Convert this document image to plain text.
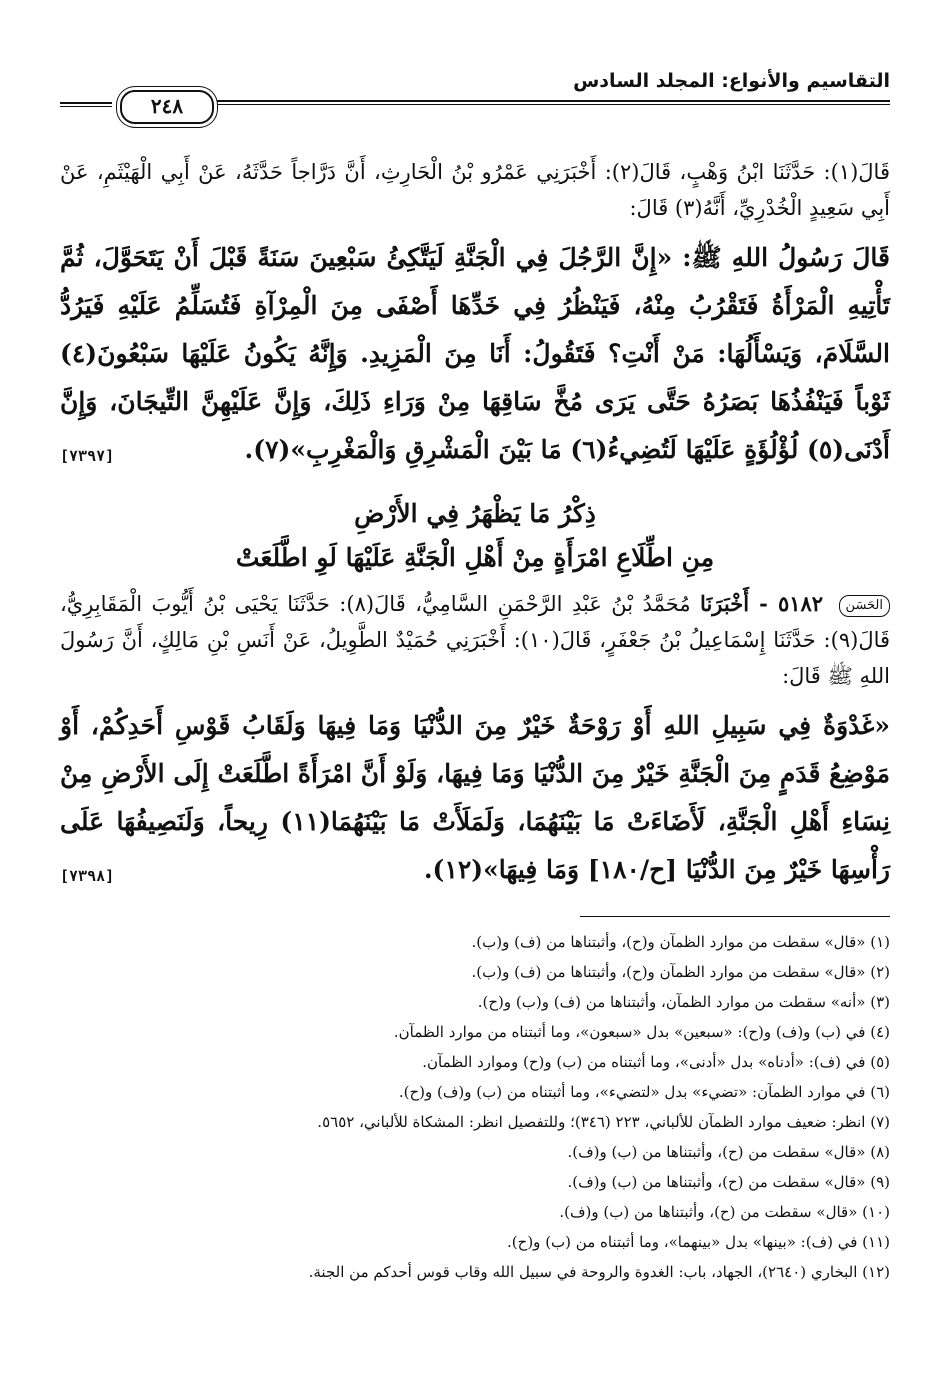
التقاسيم والأنواع: المجلد السادس
٢٤٨

قَالَ(١): حَدَّثَنَا ابْنُ وَهْبٍ، قَالَ(٢): أَخْبَرَنِي عَمْرُو بْنُ الْحَارِثِ، أَنَّ دَرَّاجاً حَدَّثَهُ، عَنْ أَبِي الْهَيْثَمِ، عَنْ أَبِي سَعِيدٍ الْخُدْرِيِّ، أَنَّهُ(٣) قَالَ:

قَالَ رَسُولُ اللهِ ﷺ: «إِنَّ الرَّجُلَ فِي الْجَنَّةِ لَيَتَّكِئُ سَبْعِينَ سَنَةً قَبْلَ أَنْ يَتَحَوَّلَ، ثُمَّ تَأْتِيهِ الْمَرْأَةُ فَتَقْرُبُ مِنْهُ، فَيَنْظُرُ فِي خَدِّهَا أَصْفَى مِنَ الْمِرْآةِ فَتُسَلِّمُ عَلَيْهِ فَيَرُدُّ السَّلَامَ، وَيَسْأَلُهَا: مَنْ أَنْتِ؟ فَتَقُولُ: أَنَا مِنَ الْمَزِيدِ. وَإِنَّهُ يَكُونُ عَلَيْهَا سَبْعُونَ(٤) ثَوْباً فَيَنْفُذُهَا بَصَرُهُ حَتَّى يَرَى مُخَّ سَاقِهَا مِنْ وَرَاءِ ذَلِكَ، وَإِنَّ عَلَيْهِنَّ التِّيجَانَ، وَإِنَّ أَدْنَى(٥) لُؤْلُؤَةٍ عَلَيْهَا لَتُضِيءُ(٦) مَا بَيْنَ الْمَشْرِقِ وَالْمَغْرِبِ»(٧).
[٧٣٩٧]

ذِكْرُ مَا يَظْهَرُ فِي الأَرْضِ
مِنِ اطِّلَاعِ امْرَأَةٍ مِنْ أَهْلِ الْجَنَّةِ عَلَيْهَا لَوِ اطَّلَعَتْ

الحَسَن ٥١٨٢ - أَخْبَرَنَا مُحَمَّدُ بْنُ عَبْدِ الرَّحْمَنِ السَّامِيُّ، قَالَ(٨): حَدَّثَنَا يَحْيَى بْنُ أَيُّوبَ الْمَقَابِرِيُّ، قَالَ(٩): حَدَّثَنَا إِسْمَاعِيلُ بْنُ جَعْفَرٍ، قَالَ(١٠): أَخْبَرَنِي حُمَيْدٌ الطَّوِيلُ، عَنْ أَنَسِ بْنِ مَالِكٍ، أَنَّ رَسُولَ اللهِ ﷺ قَالَ:

«غَدْوَةٌ فِي سَبِيلِ اللهِ أَوْ رَوْحَةٌ خَيْرٌ مِنَ الدُّنْيَا وَمَا فِيهَا وَلَقَابُ قَوْسِ أَحَدِكُمْ، أَوْ مَوْضِعُ قَدَمٍ مِنَ الْجَنَّةِ خَيْرٌ مِنَ الدُّنْيَا وَمَا فِيهَا، وَلَوْ أَنَّ امْرَأَةً اطَّلَعَتْ إِلَى الأَرْضِ مِنْ نِسَاءِ أَهْلِ الْجَنَّةِ، لَأَضَاءَتْ مَا بَيْنَهُمَا، وَلَمَلَأَتْ مَا بَيْنَهُمَا(١١) رِيحاً، وَلَنَصِيفُهَا عَلَى رَأْسِهَا خَيْرٌ مِنَ الدُّنْيَا [ح/١٨٠] وَمَا فِيهَا»(١٢).
[٧٣٩٨]

(١) «قال» سقطت من موارد الظمآن و(ح)، وأثبتناها من (ف) و(ب).
(٢) «قال» سقطت من موارد الظمآن و(ح)، وأثبتناها من (ف) و(ب).
(٣) «أنه» سقطت من موارد الظمآن، وأثبتناها من (ف) و(ب) و(ح).
(٤) في (ب) و(ف) و(ح): «سبعين» بدل «سبعون»، وما أثبتناه من موارد الظمآن.
(٥) في (ف): «أدناه» بدل «أدنى»، وما أثبتناه من (ب) و(ح) وموارد الظمآن.
(٦) في موارد الظمآن: «تضيء» بدل «لتضيء»، وما أثبتناه من (ب) و(ف) و(ح).
(٧) انظر: ضعيف موارد الظمآن للألباني، ٢٢٣ (٣٤٦)؛ وللتفصيل انظر: المشكاة للألباني، ٥٦٥٢.
(٨) «قال» سقطت من (ح)، وأثبتناها من (ب) و(ف).
(٩) «قال» سقطت من (ح)، وأثبتناها من (ب) و(ف).
(١٠) «قال» سقطت من (ح)، وأثبتناها من (ب) و(ف).
(١١) في (ف): «بينها» بدل «بينهما»، وما أثبتناه من (ب) و(ح).
(١٢) البخاري (٢٦٤٠)، الجهاد، باب: الغدوة والروحة في سبيل الله وقاب قوس أحدكم من الجنة.
